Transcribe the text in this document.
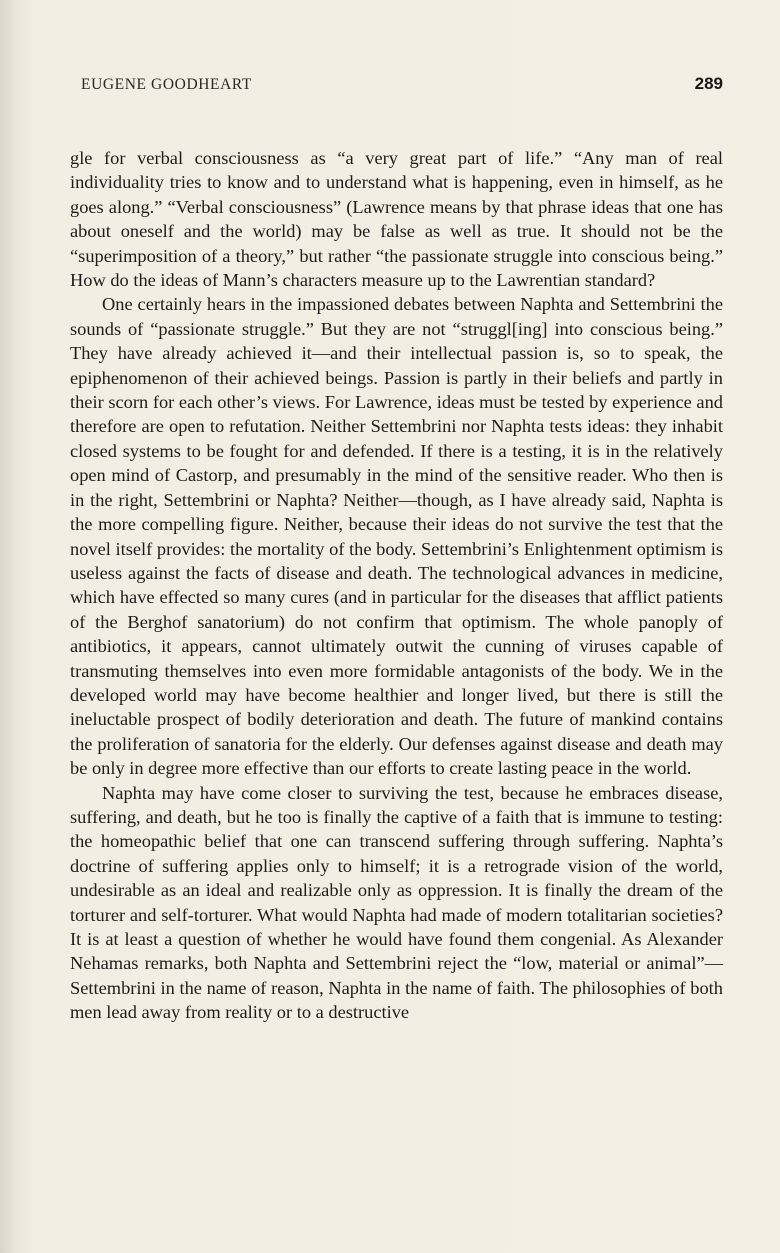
EUGENE GOODHEART	289

gle for verbal consciousness as “a very great part of life.” “Any man of real individuality tries to know and to understand what is happening, even in himself, as he goes along.” “Verbal consciousness” (Lawrence means by that phrase ideas that one has about oneself and the world) may be false as well as true. It should not be the “superimposition of a theory,” but rather “the passionate struggle into conscious being.” How do the ideas of Mann’s characters measure up to the Lawrentian standard?

One certainly hears in the impassioned debates between Naphta and Settembrini the sounds of “passionate struggle.” But they are not “struggl[ing] into conscious being.” They have already achieved it—and their intellectual passion is, so to speak, the epiphenomenon of their achieved beings. Passion is partly in their beliefs and partly in their scorn for each other’s views. For Lawrence, ideas must be tested by experience and therefore are open to refutation. Neither Settembrini nor Naphta tests ideas: they inhabit closed systems to be fought for and defended. If there is a testing, it is in the relatively open mind of Castorp, and presumably in the mind of the sensitive reader. Who then is in the right, Settembrini or Naphta? Neither—though, as I have already said, Naphta is the more compelling figure. Neither, because their ideas do not survive the test that the novel itself provides: the mortality of the body. Settembrini’s Enlightenment optimism is useless against the facts of disease and death. The technological advances in medicine, which have effected so many cures (and in particular for the diseases that afflict patients of the Berghof sanatorium) do not confirm that optimism. The whole panoply of antibiotics, it appears, cannot ultimately outwit the cunning of viruses capable of transmuting themselves into even more formidable antagonists of the body. We in the developed world may have become healthier and longer lived, but there is still the ineluctable prospect of bodily deterioration and death. The future of mankind contains the proliferation of sanatoria for the elderly. Our defenses against disease and death may be only in degree more effective than our efforts to create lasting peace in the world.

Naphta may have come closer to surviving the test, because he embraces disease, suffering, and death, but he too is finally the captive of a faith that is immune to testing: the homeopathic belief that one can transcend suffering through suffering. Naphta’s doctrine of suffering applies only to himself; it is a retrograde vision of the world, undesirable as an ideal and realizable only as oppression. It is finally the dream of the torturer and self-torturer. What would Naphta had made of modern totalitarian societies? It is at least a question of whether he would have found them congenial. As Alexander Nehamas remarks, both Naphta and Settembrini reject the “low, material or animal”—Settembrini in the name of reason, Naphta in the name of faith. The philosophies of both men lead away from reality or to a destructive
